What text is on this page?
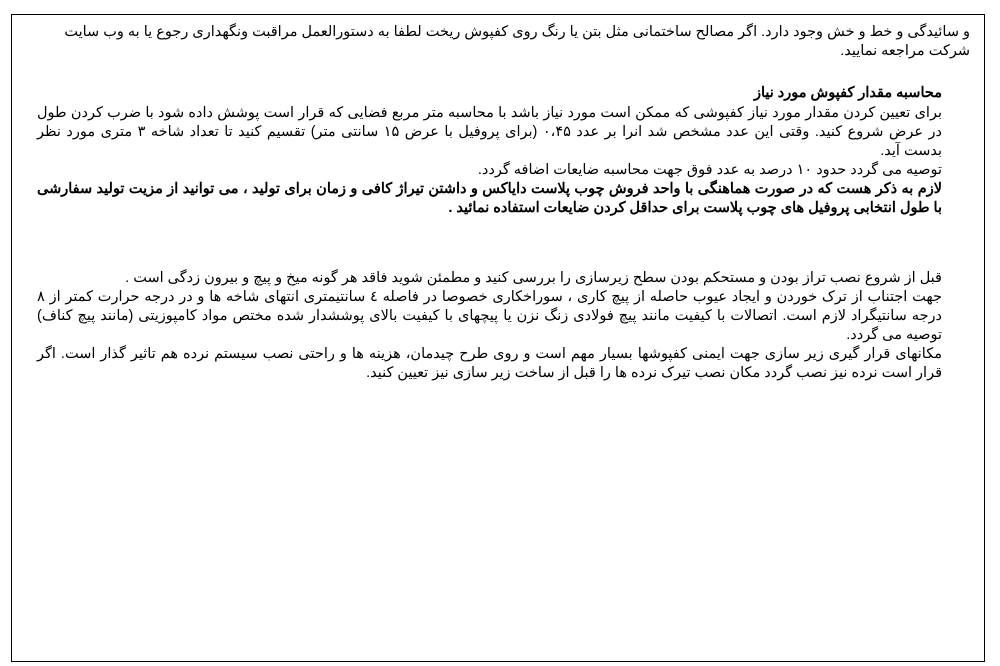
و سائیدگی و خط و خش وجود دارد. اگر مصالح ساختمانی مثل بتن یا رنگ روی کفپوش ریخت لطفا به دستورالعمل مراقبت ونگهداری رجوع یا به وب سایت شرکت مراجعه نمایید.
محاسبه مقدار کفپوش مورد نیاز
برای تعیین کردن مقدار مورد نیاز کفپوشی که ممکن است مورد نیاز باشد با محاسبه متر مربع فضایی که قرار است پوشش داده شود با ضرب کردن طول در عرض شروع کنید. وقتی این عدد مشخص شد انرا بر عدد ۰،۴۵ (برای پروفیل با عرض ۱۵ سانتی متر) تقسیم کنید تا تعداد شاخه ۳ متری مورد نظر بدست آید.
توصیه می گردد حدود ۱۰ درصد به عدد فوق جهت محاسبه ضایعات اضافه گردد.
لازم به ذکر هست که در صورت هماهنگی با واحد فروش چوب پلاست دایاکس و داشتن تیراژ کافی و زمان برای تولید ، می توانید از مزیت تولید سفارشی با طول انتخابی پروفیل های چوب پلاست برای حداقل کردن ضایعات استفاده نمائید .
قبل از شروع نصب تراز بودن و مستحکم بودن سطح زیرسازی را بررسی کنید و مطمئن شوید فاقد هر گونه میخ و پیچ و بیرون زدگی است .
جهت اجتناب از ترک خوردن و ایجاد عیوب حاصله از پیچ کاری ، سوراخکاری خصوصا در فاصله ٤ سانتیمتری انتهای شاخه ها و در درجه حرارت کمتر از ۸ درجه سانتیگراد لازم است. اتصالات با کیفیت مانند پیچ فولادی زنگ نزن یا پیچهای با کیفیت بالای پوششدار شده مختص مواد کامپوزیتی (مانند پیچ کناف) توصیه می گردد.
مکانهای قرار گیری زیر سازی جهت ایمنی کفپوشها بسیار مهم است و روی طرح چیدمان، هزینه ها و راحتی نصب سیستم نرده هم تاثیر گذار است. اگر قرار است نرده نیز نصب گردد مکان نصب تیرک نرده ها را قبل از ساخت زیر سازی نیز تعیین کنید.
